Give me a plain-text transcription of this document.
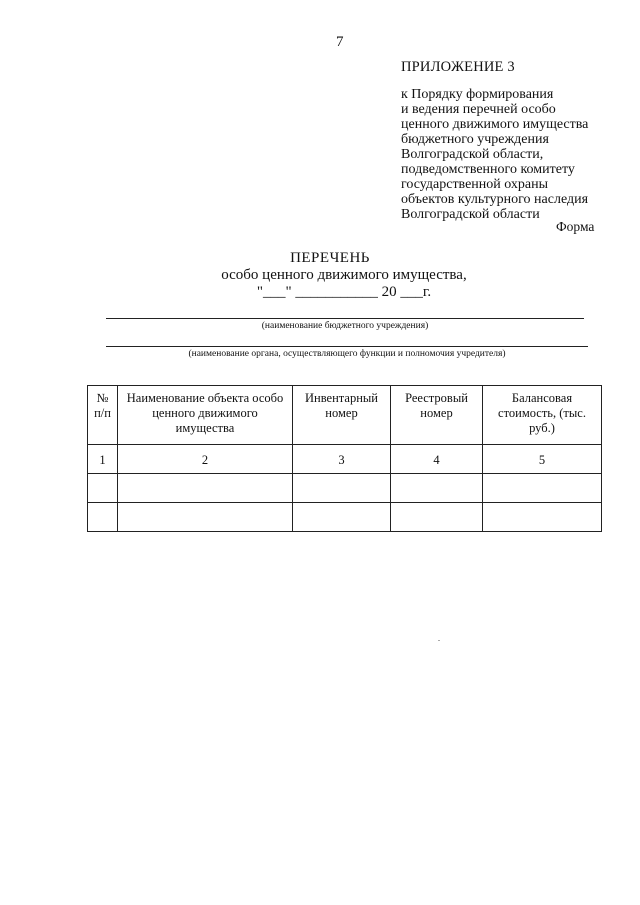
7
ПРИЛОЖЕНИЕ 3
к Порядку формирования
и ведения перечней особо
ценного движимого имущества
бюджетного учреждения
Волгоградской области,
подведомственного комитету
государственной охраны
объектов культурного наследия
Волгоградской области
Форма
ПЕРЕЧЕНЬ
особо ценного движимого имущества,
"___" ___________ 20 ___г.
(наименование бюджетного учреждения)
(наименование органа, осуществляющего функции и полномочия учредителя)
№ п/п	Наименование объекта особо ценного движимого имущества	Инвентарный номер	Реестровый номер	Балансовая стоимость, (тыс. руб.)
1	2	3	4	5
